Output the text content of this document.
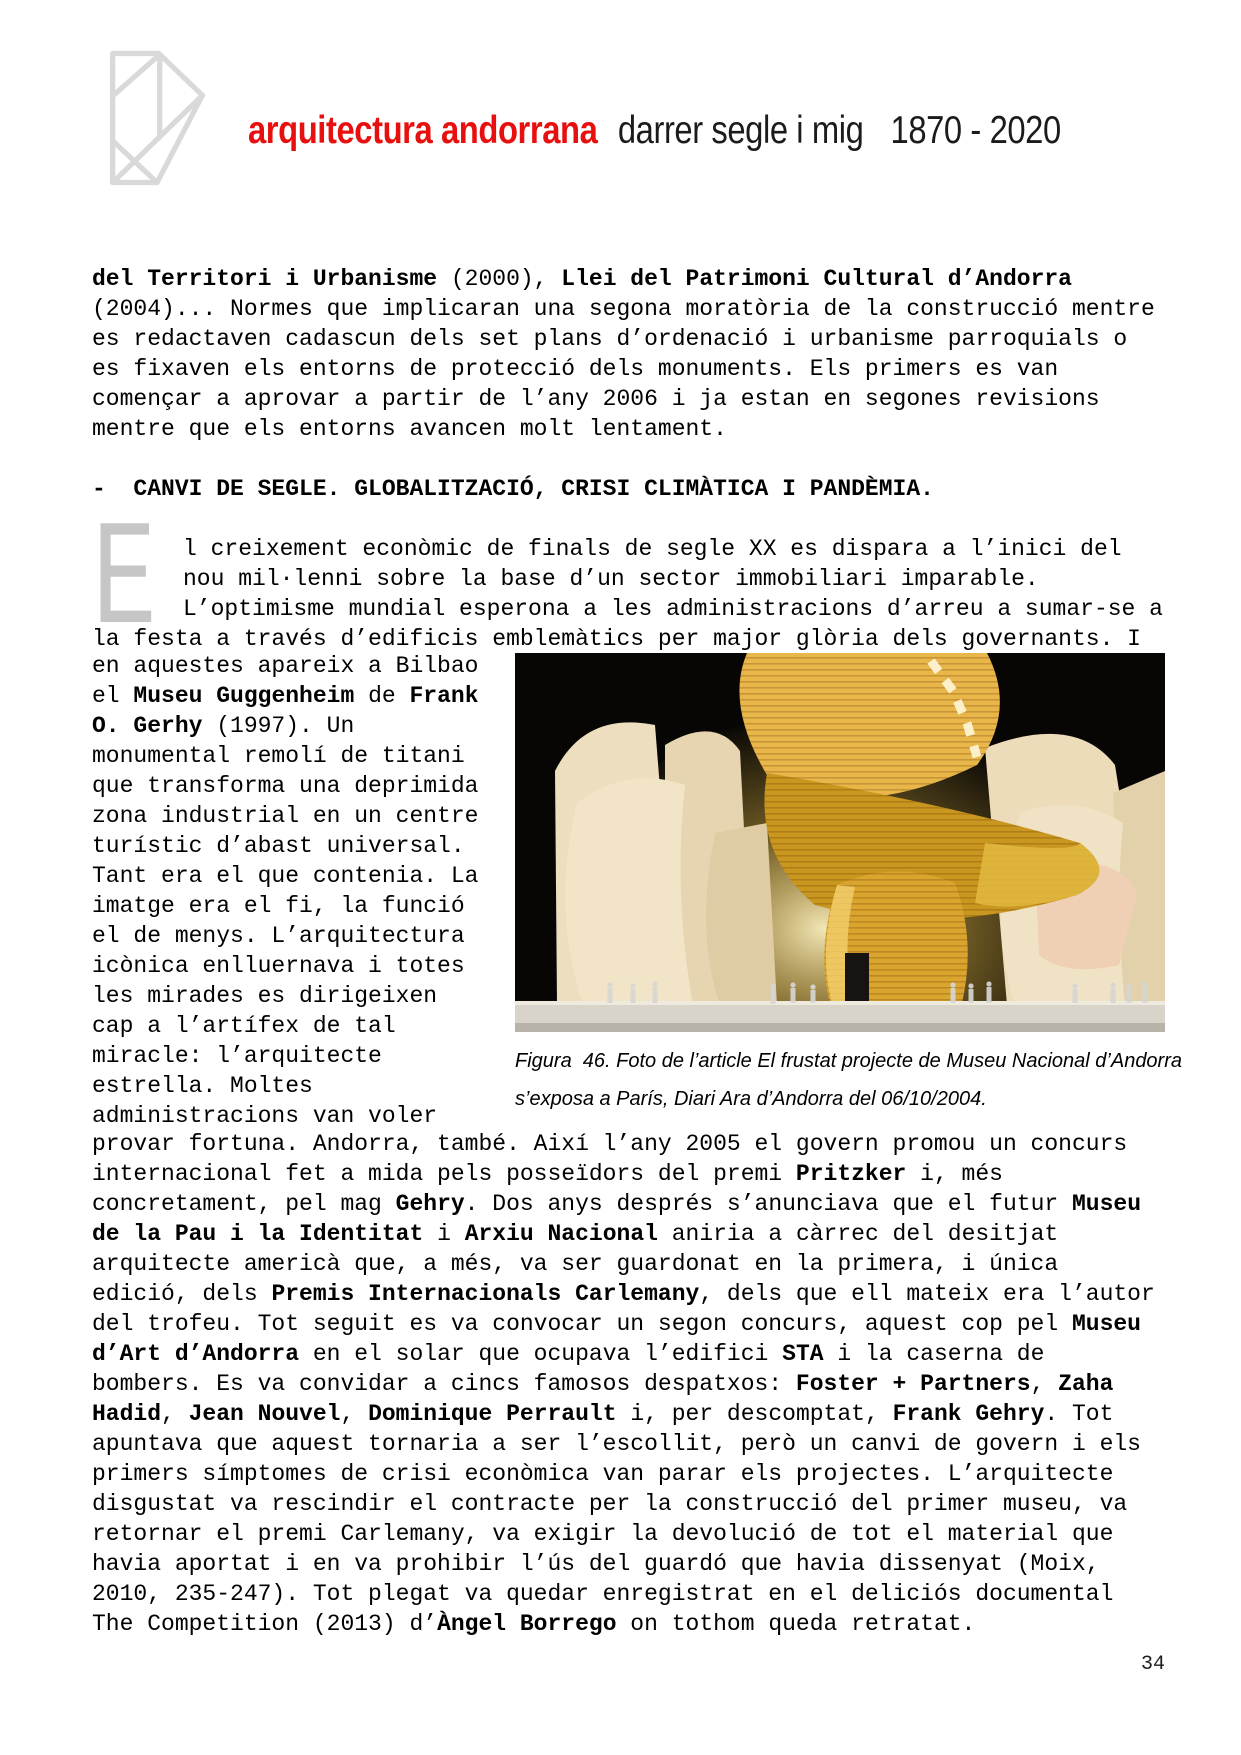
arquitectura andorrana darrer segle i mig 1870 - 2020
del Territori i Urbanisme (2000), Llei del Patrimoni Cultural d’Andorra
(2004)... Normes que implicaran una segona moratòria de la construcció mentre
es redactaven cadascun dels set plans d’ordenació i urbanisme parroquials o
es fixaven els entorns de protecció dels monuments. Els primers es van
començar a aprovar a partir de l’any 2006 i ja estan en segones revisions
mentre que els entorns avancen molt lentament.
-  CANVI DE SEGLE. GLOBALITZACIÓ, CRISI CLIMÀTICA I PANDÈMIA.
E	l creixement econòmic de finals de segle XX es dispara a l’inici del
nou mil·lenni sobre la base d’un sector immobiliari imparable.
L’optimisme mundial esperona a les administracions d’arreu a sumar-se a
la festa a través d’edificis emblemàtics per major glòria dels governants. I
en aquestes apareix a Bilbao
el Museu Guggenheim de Frank
O. Gerhy (1997). Un
monumental remolí de titani
que transforma una deprimida
zona industrial en un centre
turístic d’abast universal.
Tant era el que contenia. La
imatge era el fi, la funció
el de menys. L’arquitectura
icònica enlluernava i totes
les mirades es dirigeixen
cap a l’artífex de tal
miracle: l’arquitecte
estrella. Moltes
administracions van voler
Figura  46. Foto de l’article El frustat projecte de Museu Nacional d’Andorra
s’exposa a París, Diari Ara d’Andorra del 06/10/2004.
provar fortuna. Andorra, també. Així l’any 2005 el govern promou un concurs
internacional fet a mida pels posseïdors del premi Pritzker i, més
concretament, pel mag Gehry. Dos anys després s’anunciava que el futur Museu
de la Pau i la Identitat i Arxiu Nacional aniria a càrrec del desitjat
arquitecte americà que, a més, va ser guardonat en la primera, i única
edició, dels Premis Internacionals Carlemany, dels que ell mateix era l’autor
del trofeu. Tot seguit es va convocar un segon concurs, aquest cop pel Museu
d’Art d’Andorra en el solar que ocupava l’edifici STA i la caserna de
bombers. Es va convidar a cincs famosos despatxos: Foster + Partners, Zaha
Hadid, Jean Nouvel, Dominique Perrault i, per descomptat, Frank Gehry. Tot
apuntava que aquest tornaria a ser l’escollit, però un canvi de govern i els
primers símptomes de crisi econòmica van parar els projectes. L’arquitecte
disgustat va rescindir el contracte per la construcció del primer museu, va
retornar el premi Carlemany, va exigir la devolució de tot el material que
havia aportat i en va prohibir l’ús del guardó que havia dissenyat (Moix,
2010, 235-247). Tot plegat va quedar enregistrat en el deliciós documental
The Competition (2013) d’Àngel Borrego on tothom queda retratat.
34
